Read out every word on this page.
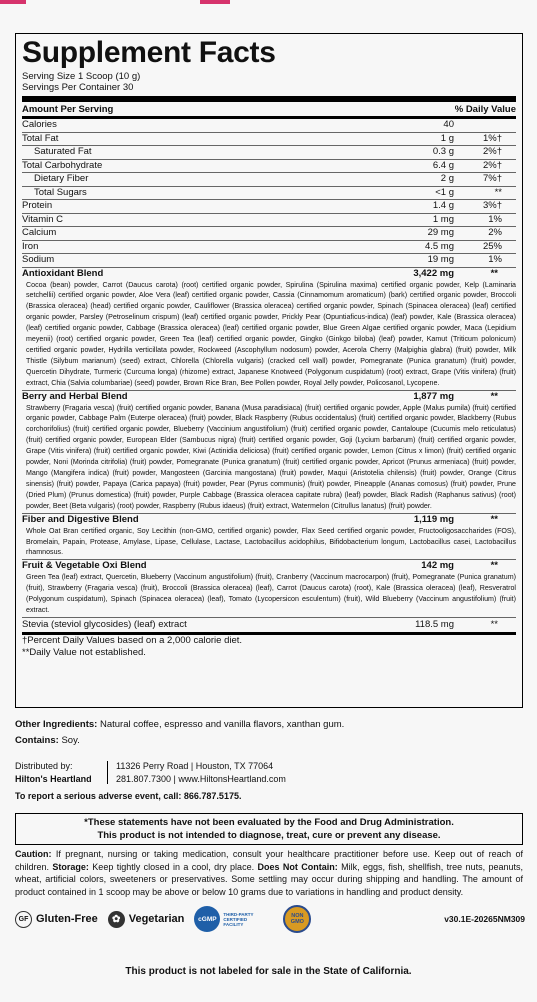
Supplement Facts
Serving Size 1 Scoop (10 g)
Servings Per Container 30
Amount Per Serving	% Daily Value
Calories	40
Total Fat	1 g	1%†
Saturated Fat	0.3 g	2%†
Total Carbohydrate	6.4 g	2%†
Dietary Fiber	2 g	7%†
Total Sugars	<1 g	**
Protein	1.4 g	3%†
Vitamin C	1 mg	1%
Calcium	29 mg	2%
Iron	4.5 mg	25%
Sodium	19 mg	1%
Antioxidant Blend	3,422 mg	**
Cocoa (bean) powder, Carrot (Daucus carota) (root) certified organic powder, Spirulina (Spirulina maxima) certified organic powder, Kelp (Laminaria setchellii) certified organic powder, Aloe Vera (leaf) certified organic powder, Cassia (Cinnamomum aromaticum) (bark) certified organic powder, Broccoli (Brassica oleracea) (head) certified organic powder, Cauliflower (Brassica oleracea) certified organic powder, Spinach (Spinacea oleracea) (leaf) certified organic powder, Parsley (Petroselinum crispum) (leaf) certified organic powder, Prickly Pear (Opuntiaficus-indica) (leaf) powder, Kale (Brassica oleracea) (leaf) certified organic powder, Cabbage (Brassica oleracea) (leaf) certified organic powder, Blue Green Algae certified organic powder, Maca (Lepidium meyenii) (root) certified organic powder, Green Tea (leaf) certified organic powder, Gingko (Ginkgo biloba) (leaf) powder, Kamut (Triticum polonicum) certified organic powder, Hydrilla verticillata powder, Rockweed (Ascophyllum nodosum) powder, Acerola Cherry (Malpighia glabra) (fruit) powder, Milk Thistle (Silybum marianum) (seed) extract, Chlorella (Chlorella vulgaris) (cracked cell wall) powder, Pomegranate (Punica granatum) (fruit) powder, Quercetin Dihydrate, Turmeric (Curcuma longa) (rhizome) extract, Japanese Knotweed (Polygonum cuspidatum) (root) extract, Grape (Vitis vinifera) (fruit) extract, Chia (Salvia columbariae) (seed) powder, Brown Rice Bran, Bee Pollen powder, Royal Jelly powder, Policosanol, Lycopene.
Berry and Herbal Blend	1,877 mg	**
Strawberry (Fragaria vesca) (fruit) certified organic powder, Banana (Musa paradisiaca) (fruit) certified organic powder, Apple (Malus pumila) (fruit) certified organic powder, Cabbage Palm (Euterpe oleracea) (fruit) powder, Black Raspberry (Rubus occidentalus) (fruit) certified organic powder, Blackberry (Rubus corchorifolius) (fruit) certified organic powder, Blueberry (Vaccinium angustifolium) (fruit) certified organic powder, Cantaloupe (Cucumis melo reticulatus) (fruit) certified organic powder, European Elder (Sambucus nigra) (fruit) certified organic powder, Goji (Lycium barbarum) (fruit) certified organic powder, Grape (Vitis vinifera) (fruit) certified organic powder, Kiwi (Actinidia deliciosa) (fruit) certified organic powder, Lemon (Citrus x limon) (fruit) certified organic powder, Noni (Morinda citrifolia) (fruit) powder, Pomegranate (Punica granatum) (fruit) certified organic powder, Apricot (Prunus armeniaca) (fruit) powder, Mango (Mangifera indica) (fruit) powder, Mangosteen (Garcinia mangostana) (fruit) powder, Maqui (Aristotelia chilensis) (fruit) powder, Orange (Citrus sinensis) (fruit) powder, Papaya (Carica papaya) (fruit) powder, Pear (Pyrus communis) (fruit) powder, Pineapple (Ananas comosus) (fruit) powder, Prune (Dried Plum) (Prunus domestica) (fruit) powder, Purple Cabbage (Brassica oleracea capitate rubra) (leaf) powder, Black Radish (Raphanus sativus) (root) powder, Beet (Beta vulgaris) (root) powder, Raspberry (Rubus idaeus) (fruit) extract, Watermelon (Citrullus lanatus) (fruit) powder.
Fiber and Digestive Blend	1,119 mg	**
Whole Oat Bran certified organic, Soy Lecithin (non-GMO, certified organic) powder, Flax Seed certified organic powder, Fructooligosaccharides (FOS), Bromelain, Papain, Protease, Amylase, Lipase, Cellulase, Lactase, Lactobacillus acidophilus, Bifidobacterium longum, Lactobacillus casei, Lactobacillus rhamnosus.
Fruit & Vegetable Oxi Blend	142 mg	**
Green Tea (leaf) extract, Quercetin, Blueberry (Vaccinum angustifolium) (fruit), Cranberry (Vaccinum macrocarpon) (fruit), Pomegranate (Punica granatum) (fruit), Strawberry (Fragaria vesca) (fruit), Broccoli (Brassica oleracea) (leaf), Carrot (Daucus carota) (root), Kale (Brassica oleracea) (leaf), Resveratrol (Polygonum cuspidatum), Spinach (Spinacea oleracea) (leaf), Tomato (Lycopersicon esculentum) (fruit), Wild Blueberry (Vaccinum angustifolium) (fruit) extract.
Stevia (steviol glycosides) (leaf) extract	118.5 mg	**
†Percent Daily Values based on a 2,000 calorie diet.
**Daily Value not established.
Other Ingredients: Natural coffee, espresso and vanilla flavors, xanthan gum.
Contains: Soy.
Distributed by:
Hilton's Heartland
11326 Perry Road | Houston, TX 77064
281.807.7300 | www.HiltonsHeartland.com
To report a serious adverse event, call: 866.787.5175.
*These statements have not been evaluated by the Food and Drug Administration.
This product is not intended to diagnose, treat, cure or prevent any disease.
Caution: If pregnant, nursing or taking medication, consult your healthcare practitioner before use. Keep out of reach of children. Storage: Keep tightly closed in a cool, dry place. Does Not Contain: Milk, eggs, fish, shellfish, tree nuts, peanuts, wheat, artificial colors, sweeteners or preservatives. Some settling may occur during shipping and handling. The amount of product contained in 1 scoop may be above or below 10 grams due to variations in handling and product density.
GF Gluten-Free	✿ Vegetarian	cGMP
THIRD-PARTY CERTIFIED FACILITY
NON GMO	v30.1E-20265NM309
This product is not labeled for sale in the State of California.
